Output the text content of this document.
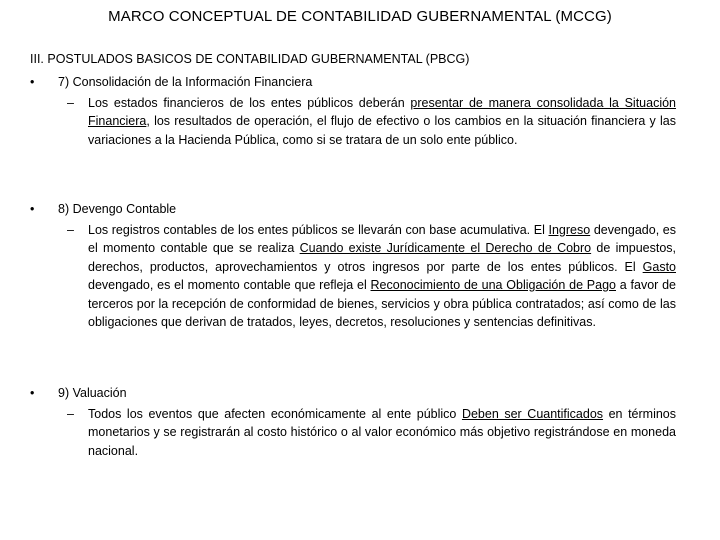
MARCO CONCEPTUAL DE CONTABILIDAD GUBERNAMENTAL (MCCG)
III. POSTULADOS BASICOS DE CONTABILIDAD GUBERNAMENTAL (PBCG)
• 7) Consolidación de la Información Financiera
– Los estados financieros de los entes públicos deberán presentar de manera consolidada la Situación Financiera, los resultados de operación, el flujo de efectivo o los cambios en la situación financiera y las variaciones a la Hacienda Pública, como si se tratara de un solo ente público.
• 8) Devengo Contable
– Los registros contables de los entes públicos se llevarán con base acumulativa. El Ingreso devengado, es el momento contable que se realiza Cuando existe Jurídicamente el Derecho de Cobro de impuestos, derechos, productos, aprovechamientos y otros ingresos por parte de los entes públicos. El Gasto devengado, es el momento contable que refleja el Reconocimiento de una Obligación de Pago a favor de terceros por la recepción de conformidad de bienes, servicios y obra pública contratados; así como de las obligaciones que derivan de tratados, leyes, decretos, resoluciones y sentencias definitivas.
• 9) Valuación
– Todos los eventos que afecten económicamente al ente público Deben ser Cuantificados en términos monetarios y se registrarán al costo histórico o al valor económico más objetivo registrándose en moneda nacional.
